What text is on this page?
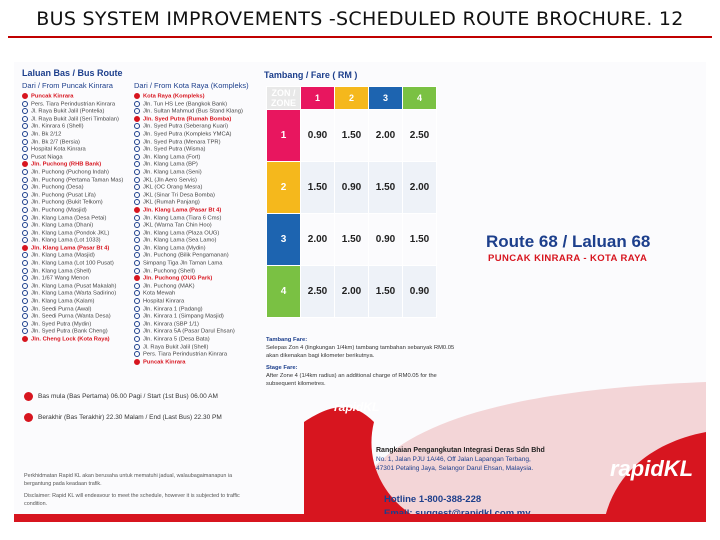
BUS SYSTEM IMPROVEMENTS -SCHEDULED ROUTE BROCHURE. 12
Laluan Bas / Bus Route
Dari / From Puncak Kinrara
Puncak Kinrara
Pers. Tiara Perindustrian Kinrara
Jl. Raya Bukit Jalil (Pontelia)
Jl. Raya Bukit Jalil (Seri Timbalan)
Jln. Kinrara 6 (Shell)
Jln. Bk 2/12
Jln. Bk 2/7 (Bersia)
Hospital Kota Kinrara
Pusat Niaga
Jln. Puchong (RHB Bank)
Jln. Puchong (Puchong Indah)
Jln. Puchong (Pertama Taman Mas)
Jln. Puchong (Desa)
Jln. Puchong (Pusat Lifa)
Jln. Puchong (Bukit Telkom)
Jln. Puchong (Masjid)
Jln. Klang Lama (Desa Petai)
Jln. Klang Lama (Dhani)
Jln. Klang Lama (Pondok JKL)
Jln. Klang Lama (Lot 1033)
Jln. Klang Lama (Pasar Bt 4)
Jln. Klang Lama (Masjid)
Jln. Klang Lama (Lot 100 Pusat)
Jln. Klang Lama (Shell)
Jln. 1/67 Wang Menon
Jln. Klang Lama (Pusat Makalah)
Jln. Klang Lama (Warta Sadirino)
Jln. Klang Lama (Kalam)
Jln. Seedi Purna (Awal)
Jln. Seedi Purna (Wanta Desa)
Jln. Syed Putra (Mydin)
Jln. Syed Putra (Bank Cheng)
Jln. Cheng Lock (Kota Raya)
Dari / From Kota Raya (Kompleks)
Kota Raya (Kompleks)
Jln. Tun HS Lee (Bangkok Bank)
Jln. Sultan Mahmud (Bus Stand Klang)
Jln. Syed Putra (Rumah Bomba)
Jln. Syed Putra (Seberang Kuari)
Jln. Syed Putra (Kompleks YMCA)
Jln. Syed Putra (Menara TPR)
Jln. Syed Putra (Wisma)
Jln. Klang Lama (Fort)
Jln. Klang Lama (BP)
Jln. Klang Lama (Seni)
JKL (Jln Aero Servis)
JKL (OC Orang Mesra)
JKL (Sinar Tri Desa Bomba)
JKL (Rumah Panjang)
Jln. Klang Lama (Pasar Bt 4)
Jln. Klang Lama (Tiara 6 Cms)
JKL (Warna Tan Chin Hoo)
Jln. Klang Lama (Plaza OUG)
Jln. Klang Lama (Sea Lamo)
Jln. Klang Lama (Mydin)
Jln. Puchong (Bilik Pengamanan)
Simpang Tiga Jln Taman Lama
Jln. Puchong (Shell)
Jln. Puchong (OUG Park)
Jln. Puchong (MAK)
Kota Mewah
Hospital Kinrara
Jln. Kinrara 1 (Padang)
Jln. Kinrara 1 (Simpang Masjid)
Jln. Kinrara (SBP 1/1)
Jln. Kinrara 5A (Pasar Darul Ehsan)
Jln. Kinrara 5 (Desa Bata)
Jl. Raya Bukit Jalil (Shell)
Pers. Tiara Perindustrian Kinrara
Puncak Kinrara
Tambang / Fare ( RM )
ZON / ZONE	1	2	3	4
1	0.90	1.50	2.00	2.50
2	1.50	0.90	1.50	2.00
3	2.00	1.50	0.90	1.50
4	2.50	2.00	1.50	0.90
Route 68 / Laluan 68
PUNCAK KINRARA - KOTA RAYA
Tambang Fare:
Selepas Zon 4 (lingkungan 1/4km) tambang tambahan sebanyak RM0.05 akan dikenakan bagi kilometer berikutnya.
Stage Fare:
After Zone 4 (1/4km radius) an additional charge of RM0.05 for the subsequent kilometres.
Bas mula (Bas Pertama) 06.00 Pagi / Start (1st Bus) 06.00 AM
Berakhir (Bas Terakhir) 22.30 Malam / End (Last Bus) 22.30 PM
Perkhidmatan Rapid KL akan berusaha untuk mematuhi jadual, walaubagaimanapun ia bergantung pada keadaan trafik.
Disclaimer: Rapid KL will endeavour to meet the schedule, however it is subjected to traffic condition.
rapidKL
rapidKL
Rangkaian Pengangkutan Integrasi Deras Sdn Bhd
No. 1, Jalan PJU 1A/46, Off Jalan Lapangan Terbang,
47301 Petaling Jaya, Selangor Darul Ehsan, Malaysia.
Hotline 1-800-388-228
